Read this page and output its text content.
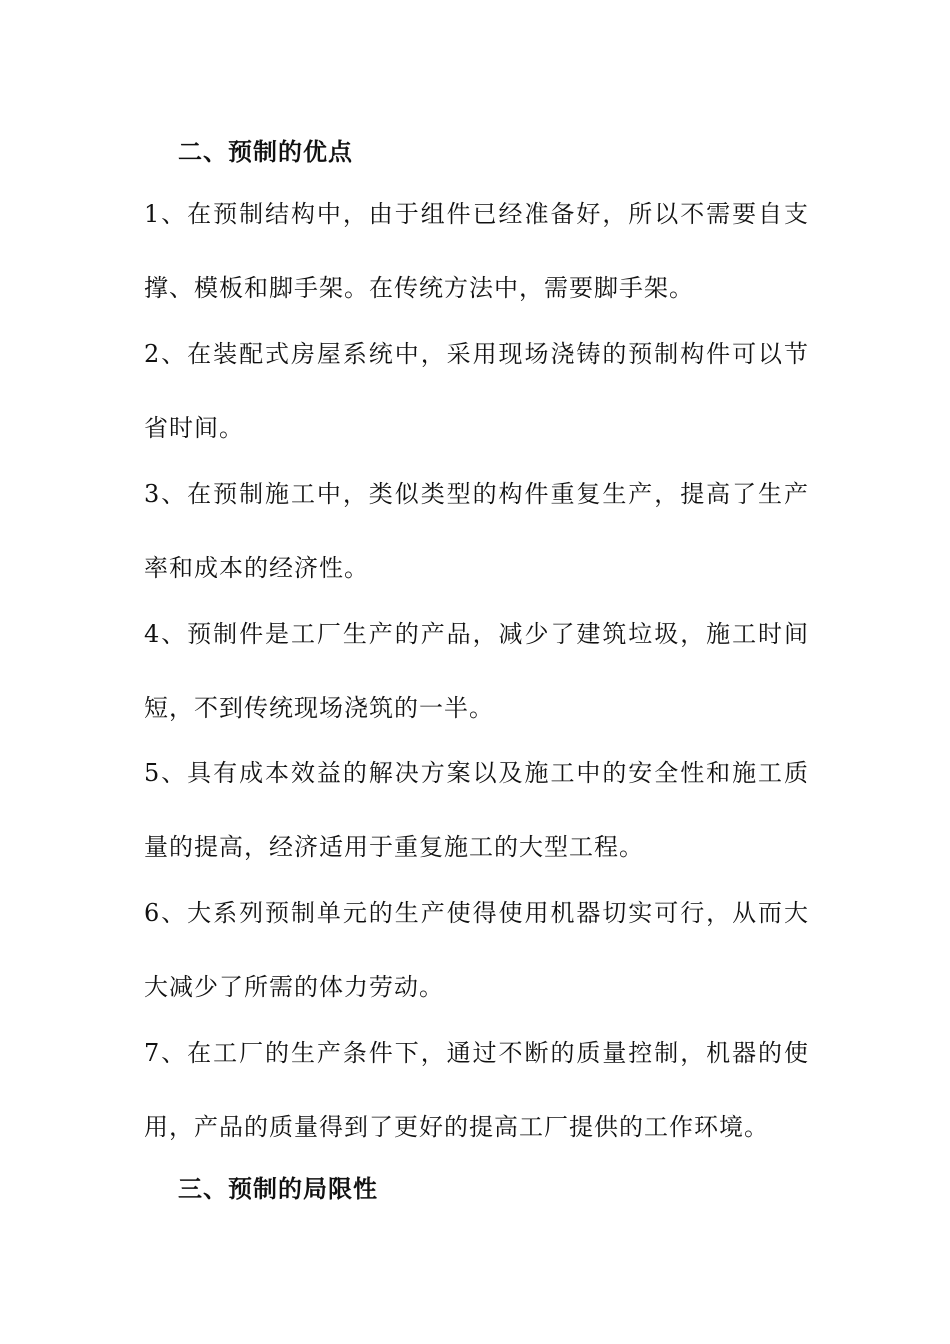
二、预制的优点
1、在预制结构中，由于组件已经准备好，所以不需要自支
撑、模板和脚手架。在传统方法中，需要脚手架。
2、在装配式房屋系统中，采用现场浇铸的预制构件可以节
省时间。
3、在预制施工中，类似类型的构件重复生产，提高了生产
率和成本的经济性。
4、预制件是工厂生产的产品，减少了建筑垃圾，施工时间
短，不到传统现场浇筑的一半。
5、具有成本效益的解决方案以及施工中的安全性和施工质
量的提高，经济适用于重复施工的大型工程。
6、大系列预制单元的生产使得使用机器切实可行，从而大
大减少了所需的体力劳动。
7、在工厂的生产条件下，通过不断的质量控制，机器的使
用，产品的质量得到了更好的提高工厂提供的工作环境。
三、预制的局限性
